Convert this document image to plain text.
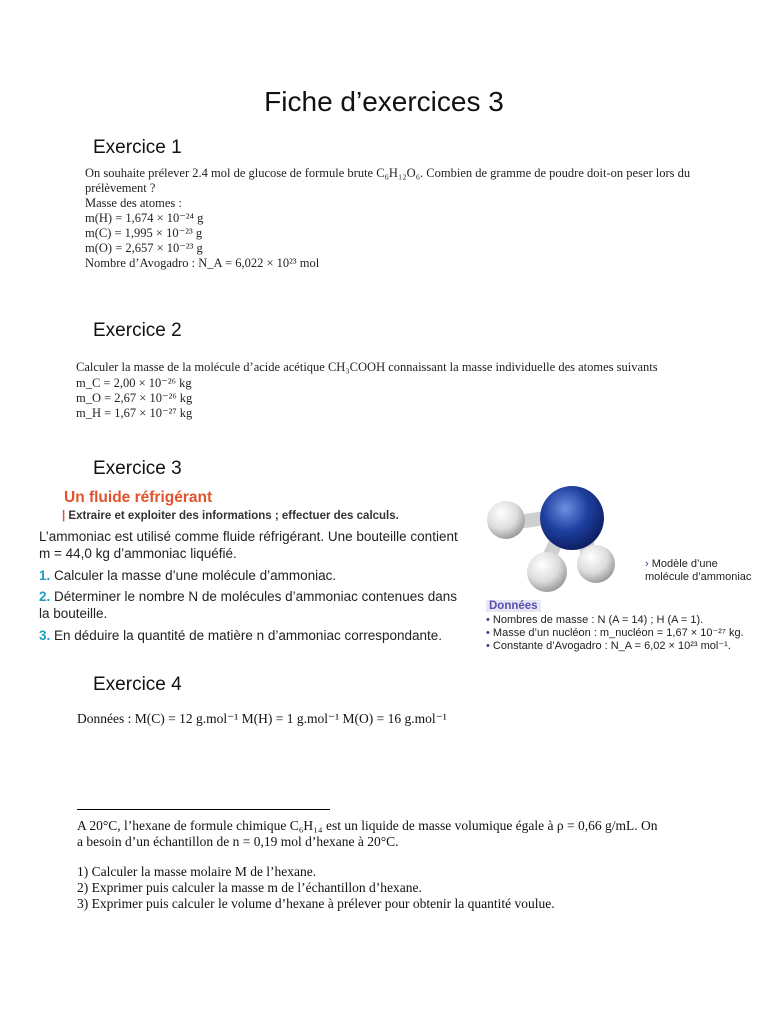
Fiche d’exercices 3
Exercice 1
On souhaite prélever 2.4 mol de glucose de formule brute C₆H₁₂O₆. Combien de gramme de poudre doit-on peser lors du
prélèvement ?
Masse des atomes :
m(H) = 1,674 × 10⁻²⁴ g
m(C) = 1,995 × 10⁻²³ g
m(O) = 2,657 × 10⁻²³ g
Nombre d’Avogadro : N_A = 6,022 × 10²³ mol
Exercice 2
Calculer la masse de la molécule d’acide acétique CH₃COOH connaissant la masse individuelle des atomes suivants
m_C = 2,00 × 10⁻²⁶ kg
m_O = 2,67 × 10⁻²⁶ kg
m_H = 1,67 × 10⁻²⁷ kg
Exercice 3
Un fluide réfrigérant
| Extraire et exploiter des informations ; effectuer des calculs.
L’ammoniac est utilisé comme fluide réfrigérant. Une bouteille contient
m = 44,0 kg d’ammoniac liquéfié.
1. Calculer la masse d’une molécule d’ammoniac.
2. Déterminer le nombre N de molécules d’ammoniac contenues dans
la bouteille.
3. En déduire la quantité de matière n d’ammoniac correspondante.
› Modèle d’une
molécule d’ammoniac
Données
• Nombres de masse : N (A = 14) ; H (A = 1).
• Masse d’un nucléon : m_nucléon = 1,67 × 10⁻²⁷ kg.
• Constante d’Avogadro : N_A = 6,02 × 10²³ mol⁻¹.
Exercice 4
Données : M(C) = 12 g.mol⁻¹ M(H) = 1 g.mol⁻¹ M(O) = 16 g.mol⁻¹
A 20°C, l’hexane de formule chimique C₆H₁₄ est un liquide de masse volumique égale à ρ = 0,66 g/mL. On
a besoin d’un échantillon de n = 0,19 mol d’hexane à 20°C.
1) Calculer la masse molaire M de l’hexane.
2) Exprimer puis calculer la masse m de l’échantillon d’hexane.
3) Exprimer puis calculer le volume d’hexane à prélever pour obtenir la quantité voulue.
